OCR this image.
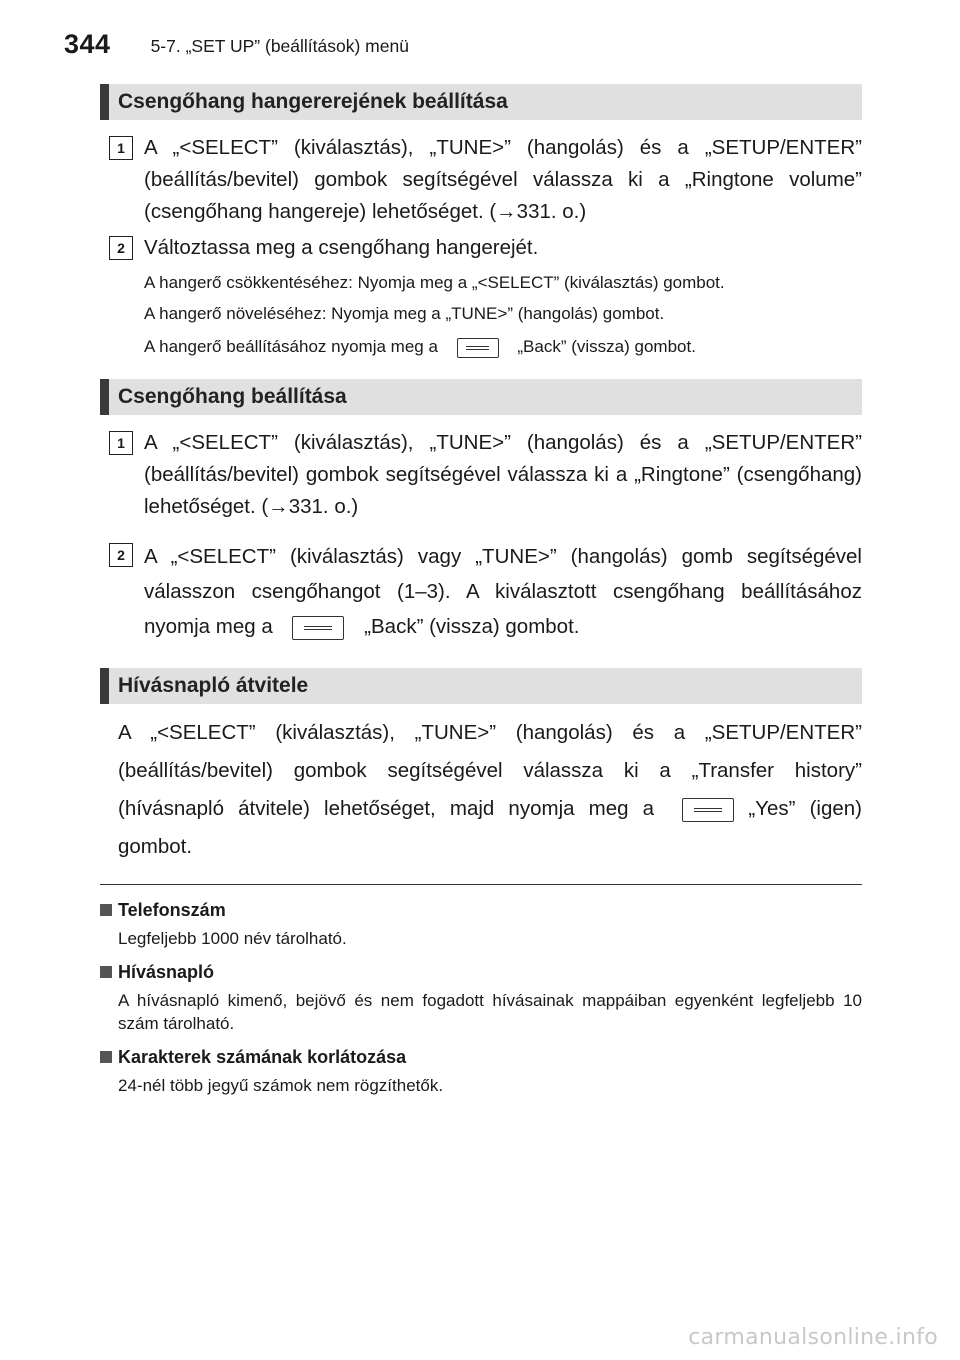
344 5-7. „SET UP” (beállítások) menü
Csengőhang hangererejének beállítása
1 A „<SELECT” (kiválasztás), „TUNE>” (hangolás) és a „SETUP/ENTER” (beállítás/bevitel) gombok segítségével válassza ki a „Ringtone volume” (csengőhang hangereje) lehetőséget. (→331. o.)
2 Változtassa meg a csengőhang hangerejét.
A hangerő csökkentéséhez: Nyomja meg a „<SELECT” (kiválasztás) gombot.
A hangerő növeléséhez: Nyomja meg a „TUNE>” (hangolás) gombot.
A hangerő beállításához nyomja meg a	„Back” (vissza) gombot.
Csengőhang beállítása
1 A „<SELECT” (kiválasztás), „TUNE>” (hangolás) és a „SETUP/ENTER” (beállítás/bevitel) gombok segítségével válassza ki a „Ringtone” (csengőhang) lehetőséget. (→331. o.)
2 A „<SELECT” (kiválasztás) vagy „TUNE>” (hangolás) gomb segítségével válasszon csengőhangot (1–3). A kiválasztott csengőhang beállításához nyomja meg a	„Back” (vissza) gombot.
Hívásnapló átvitele
A „<SELECT” (kiválasztás), „TUNE>” (hangolás) és a „SETUP/ENTER” (beállítás/bevitel) gombok segítségével válassza ki a „Transfer history” (hívásnapló átvitele) lehetőséget, majd nyomja meg a	„Yes” (igen) gombot.
Telefonszám
Legfeljebb 1000 név tárolható.
Hívásnapló
A hívásnapló kimenő, bejövő és nem fogadott hívásainak mappáiban egyenként legfeljebb 10 szám tárolható.
Karakterek számának korlátozása
24-nél több jegyű számok nem rögzíthetők.
carmanualsonline.info
